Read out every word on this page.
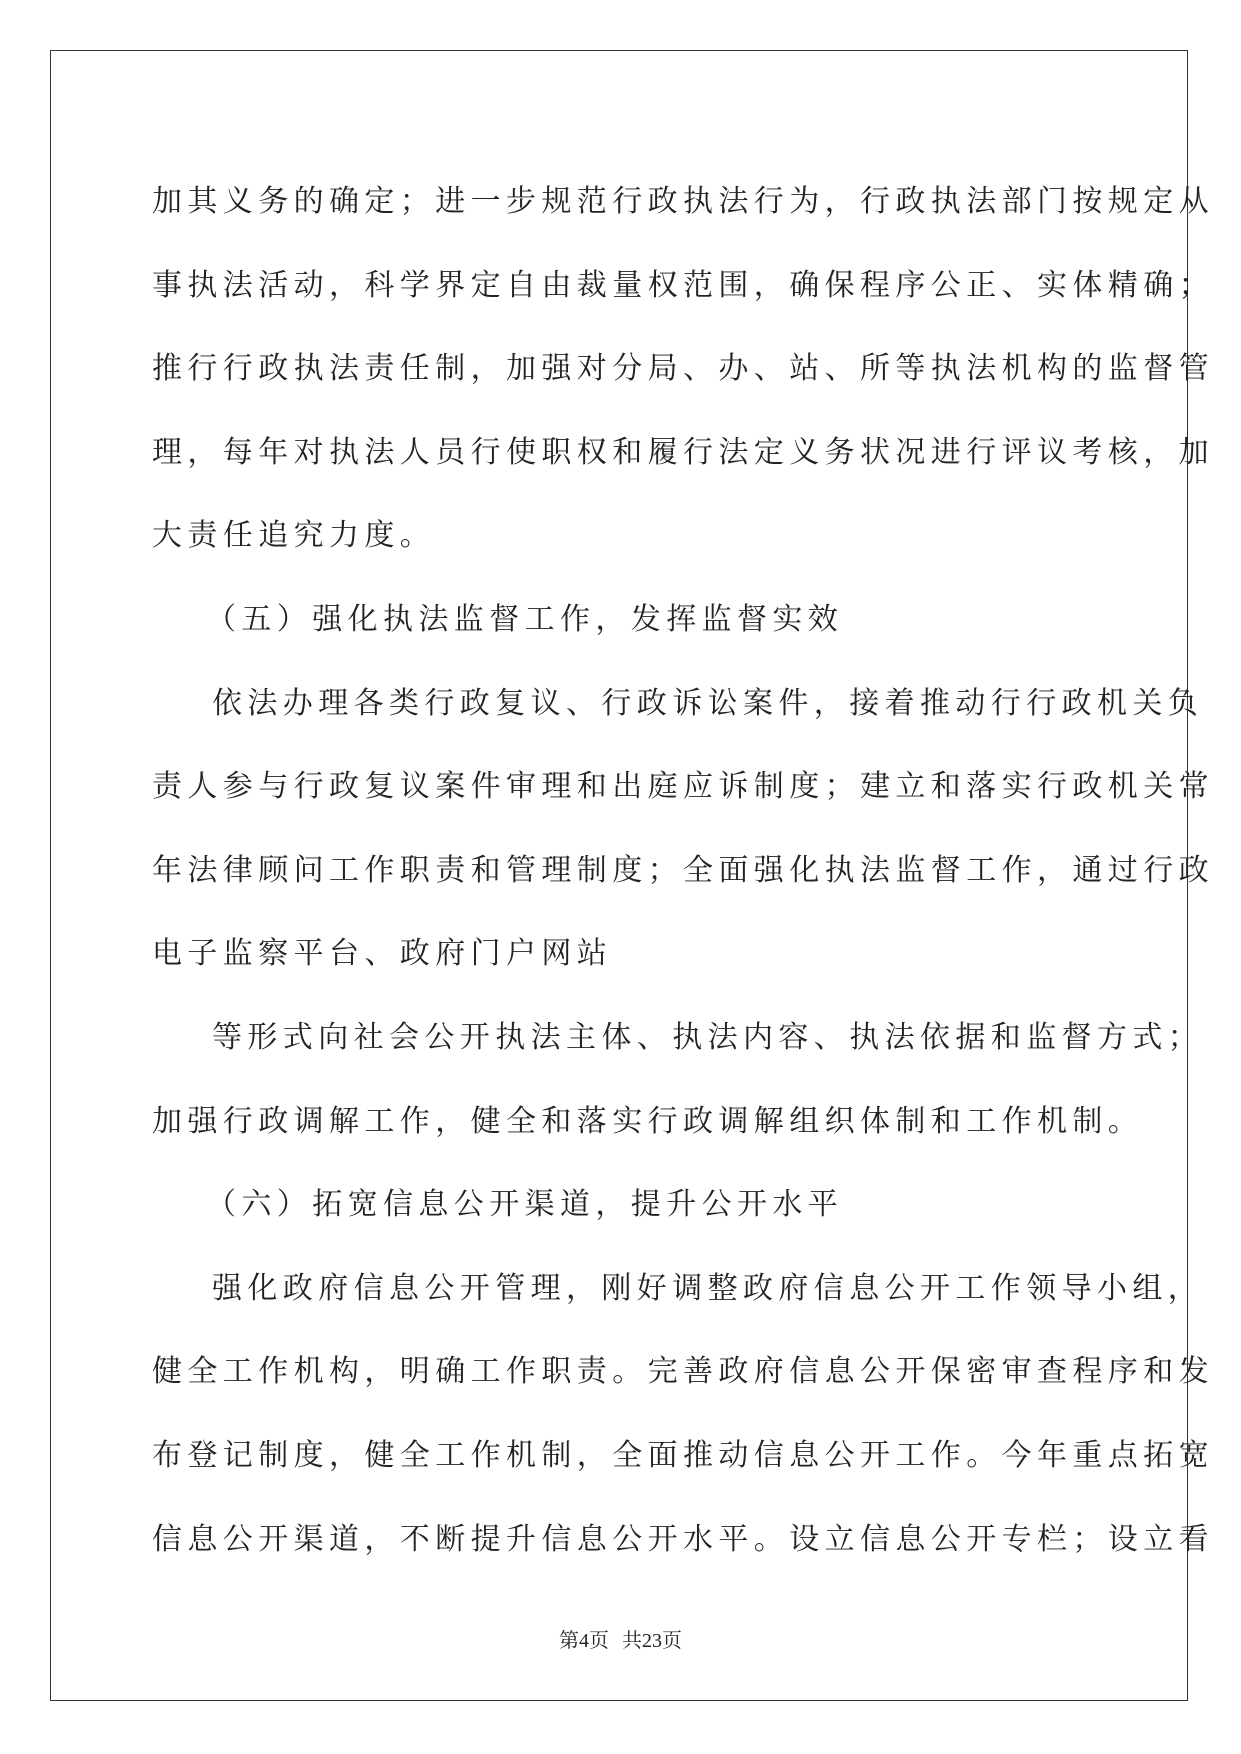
加其义务的确定；进一步规范行政执法行为，行政执法部门按规定从
事执法活动，科学界定自由裁量权范围，确保程序公正、实体精确；
推行行政执法责任制，加强对分局、办、站、所等执法机构的监督管
理，每年对执法人员行使职权和履行法定义务状况进行评议考核，加
大责任追究力度。
（五）强化执法监督工作，发挥监督实效
依法办理各类行政复议、行政诉讼案件，接着推动行行政机关负
责人参与行政复议案件审理和出庭应诉制度；建立和落实行政机关常
年法律顾问工作职责和管理制度；全面强化执法监督工作，通过行政
电子监察平台、政府门户网站
等形式向社会公开执法主体、执法内容、执法依据和监督方式；
加强行政调解工作，健全和落实行政调解组织体制和工作机制。
（六）拓宽信息公开渠道，提升公开水平
强化政府信息公开管理，刚好调整政府信息公开工作领导小组，
健全工作机构，明确工作职责。完善政府信息公开保密审查程序和发
布登记制度，健全工作机制，全面推动信息公开工作。今年重点拓宽
信息公开渠道，不断提升信息公开水平。设立信息公开专栏；设立看
第4页 共23页
